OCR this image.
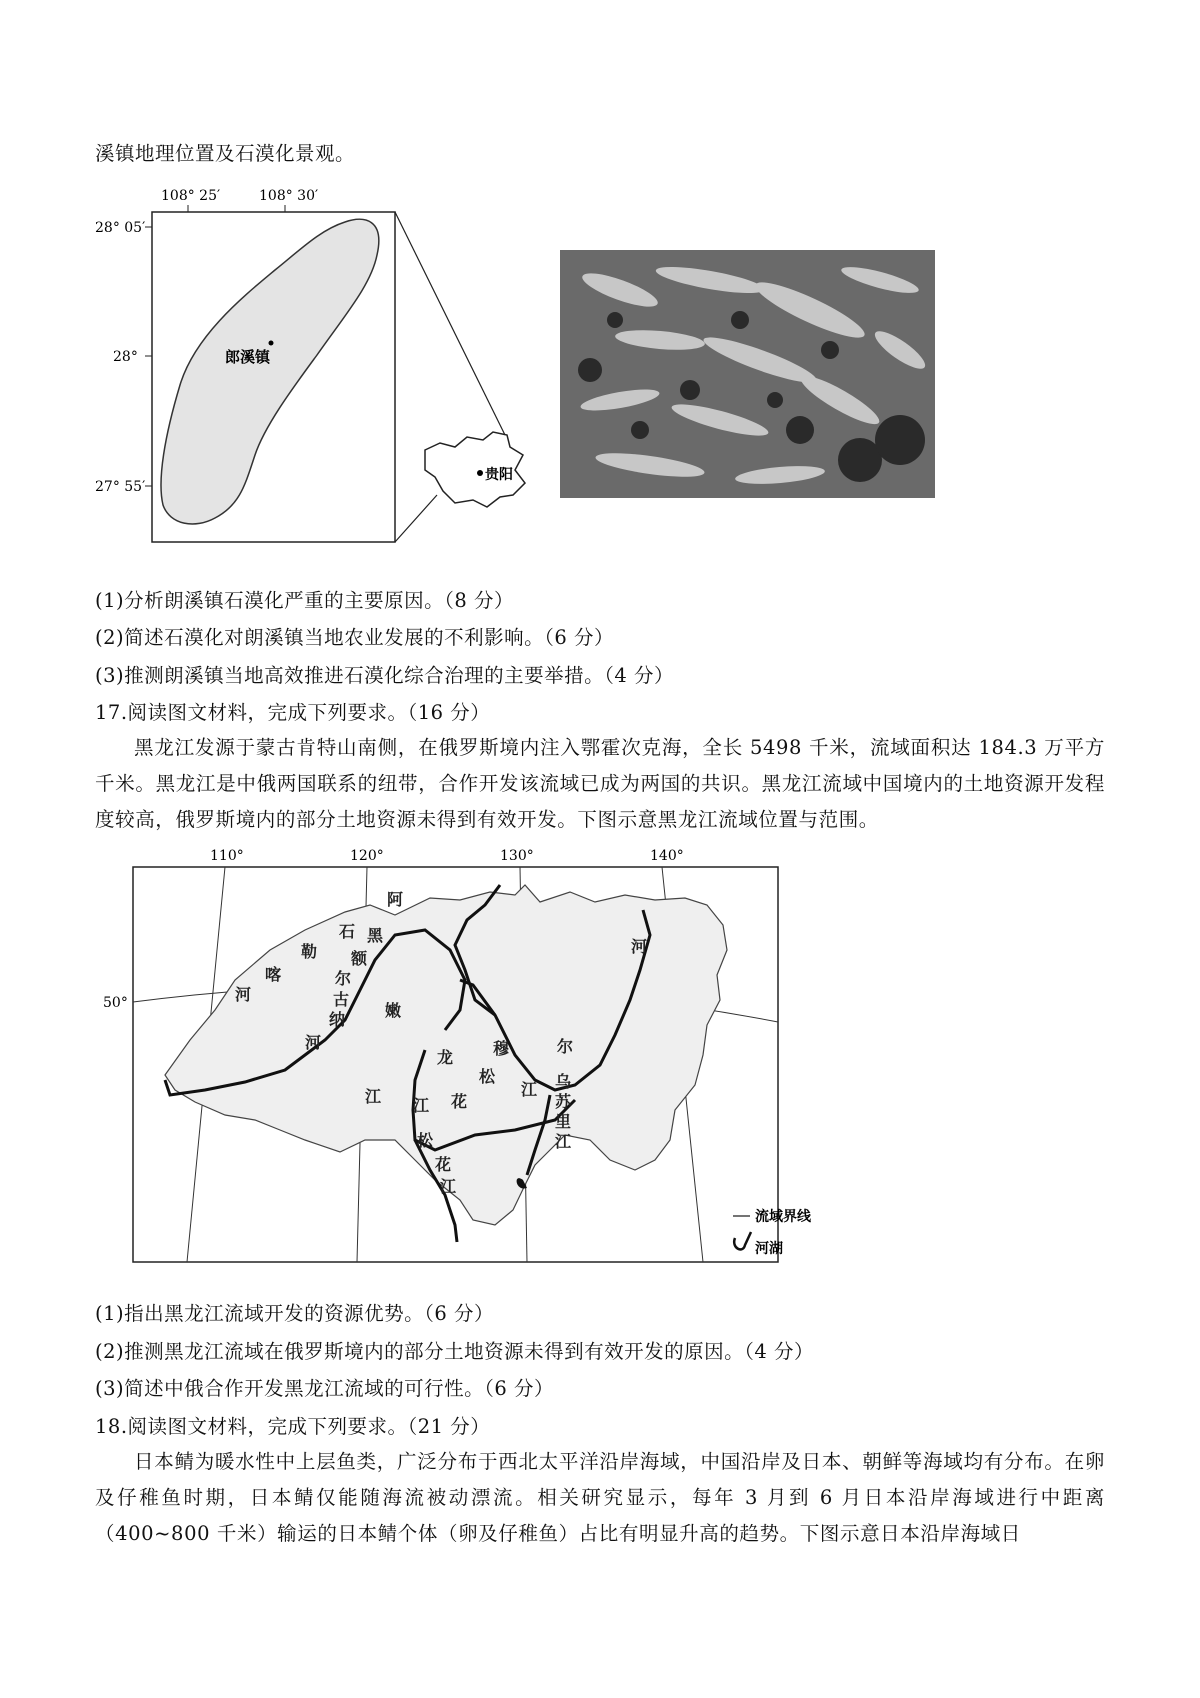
溪镇地理位置及石漠化景观。
108° 25′	108° 30′
28° 05′
28°
27° 55′
郎溪镇
贵阳
(1)分析朗溪镇石漠化严重的主要原因。（8 分）
(2)简述石漠化对朗溪镇当地农业发展的不利影响。（6 分）
(3)推测朗溪镇当地高效推进石漠化综合治理的主要举措。（4 分）
17.阅读图文材料，完成下列要求。（16 分）
黑龙江发源于蒙古肯特山南侧，在俄罗斯境内注入鄂霍次克海，全长 5498 千米，流域面积达 184.3 万平方千米。黑龙江是中俄两国联系的纽带，合作开发该流域已成为两国的共识。黑龙江流域中国境内的土地资源开发程度较高，俄罗斯境内的部分土地资源未得到有效开发。下图示意黑龙江流域位置与范围。
110°	120°	130°	140°
50°
石
勒
喀
河
阿
黑
额
尔
古
纳
河
嫩
龙 穆	尔
江
江 江 花
松
松
花
江
乌
苏
里
江
河
流域界线
河湖
(1)指出黑龙江流域开发的资源优势。（6 分）
(2)推测黑龙江流域在俄罗斯境内的部分土地资源未得到有效开发的原因。（4 分）
(3)简述中俄合作开发黑龙江流域的可行性。（6 分）
18.阅读图文材料，完成下列要求。（21 分）
日本鲭为暖水性中上层鱼类，广泛分布于西北太平洋沿岸海域，中国沿岸及日本、朝鲜等海域均有分布。在卵及仔稚鱼时期，日本鲭仅能随海流被动漂流。相关研究显示，每年 3 月到 6 月日本沿岸海域进行中距离（400~800 千米）输运的日本鲭个体（卵及仔稚鱼）占比有明显升高的趋势。下图示意日本沿岸海域日
